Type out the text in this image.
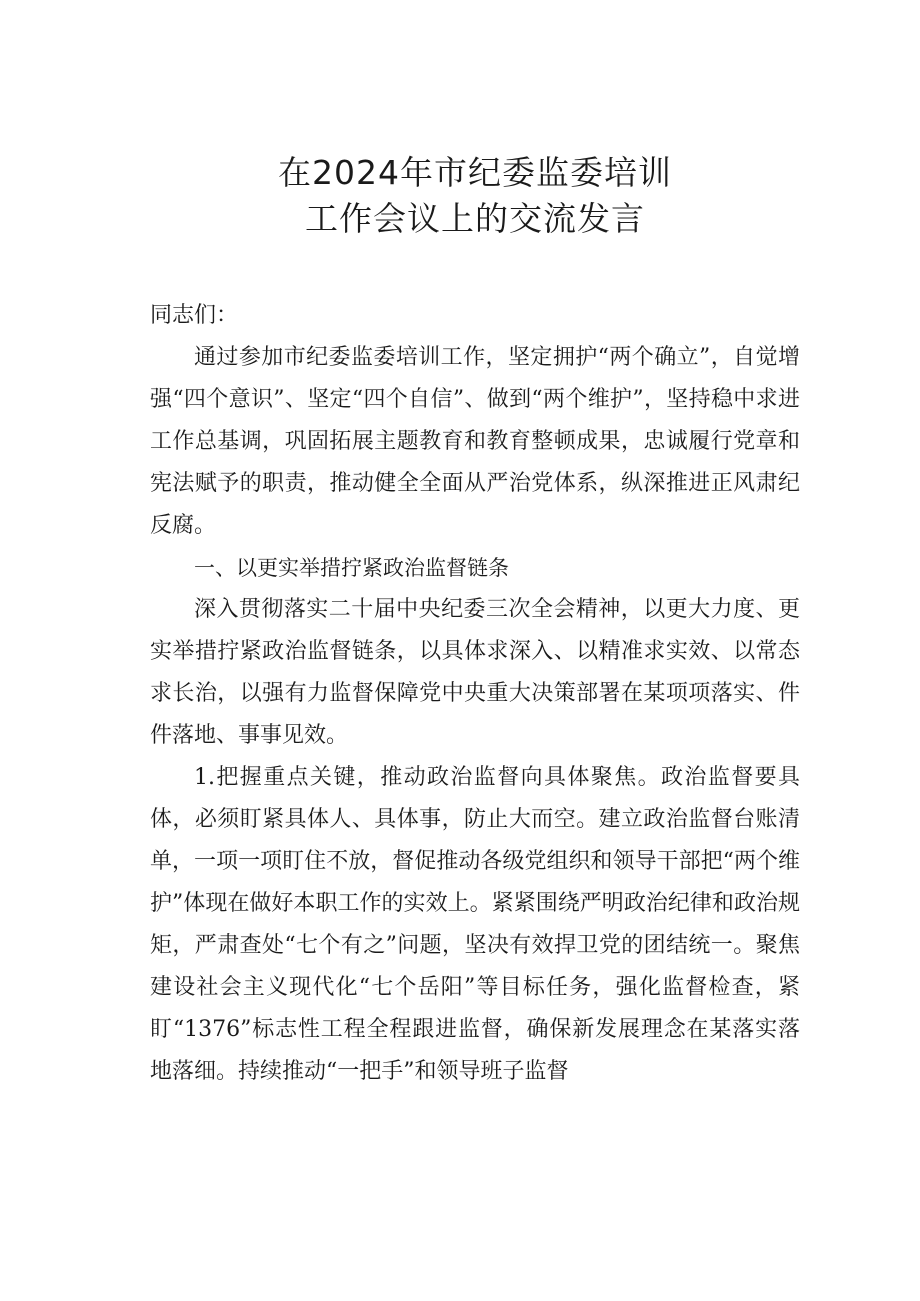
在2024年市纪委监委培训
工作会议上的交流发言

同志们：

通过参加市纪委监委培训工作，坚定拥护“两个确立”，自觉增强“四个意识”、坚定“四个自信”、做到“两个维护”，坚持稳中求进工作总基调，巩固拓展主题教育和教育整顿成果，忠诚履行党章和宪法赋予的职责，推动健全全面从严治党体系，纵深推进正风肃纪反腐。

一、以更实举措拧紧政治监督链条

深入贯彻落实二十届中央纪委三次全会精神，以更大力度、更实举措拧紧政治监督链条，以具体求深入、以精准求实效、以常态求长治，以强有力监督保障党中央重大决策部署在某项项落实、件件落地、事事见效。

1.把握重点关键，推动政治监督向具体聚焦。政治监督要具体，必须盯紧具体人、具体事，防止大而空。建立政治监督台账清单，一项一项盯住不放，督促推动各级党组织和领导干部把“两个维护”体现在做好本职工作的实效上。紧紧围绕严明政治纪律和政治规矩，严肃查处“七个有之”问题，坚决有效捍卫党的团结统一。聚焦建设社会主义现代化“七个岳阳”等目标任务，强化监督检查，紧盯“1376”标志性工程全程跟进监督，确保新发展理念在某落实落地落细。持续推动“一把手”和领导班子监督
